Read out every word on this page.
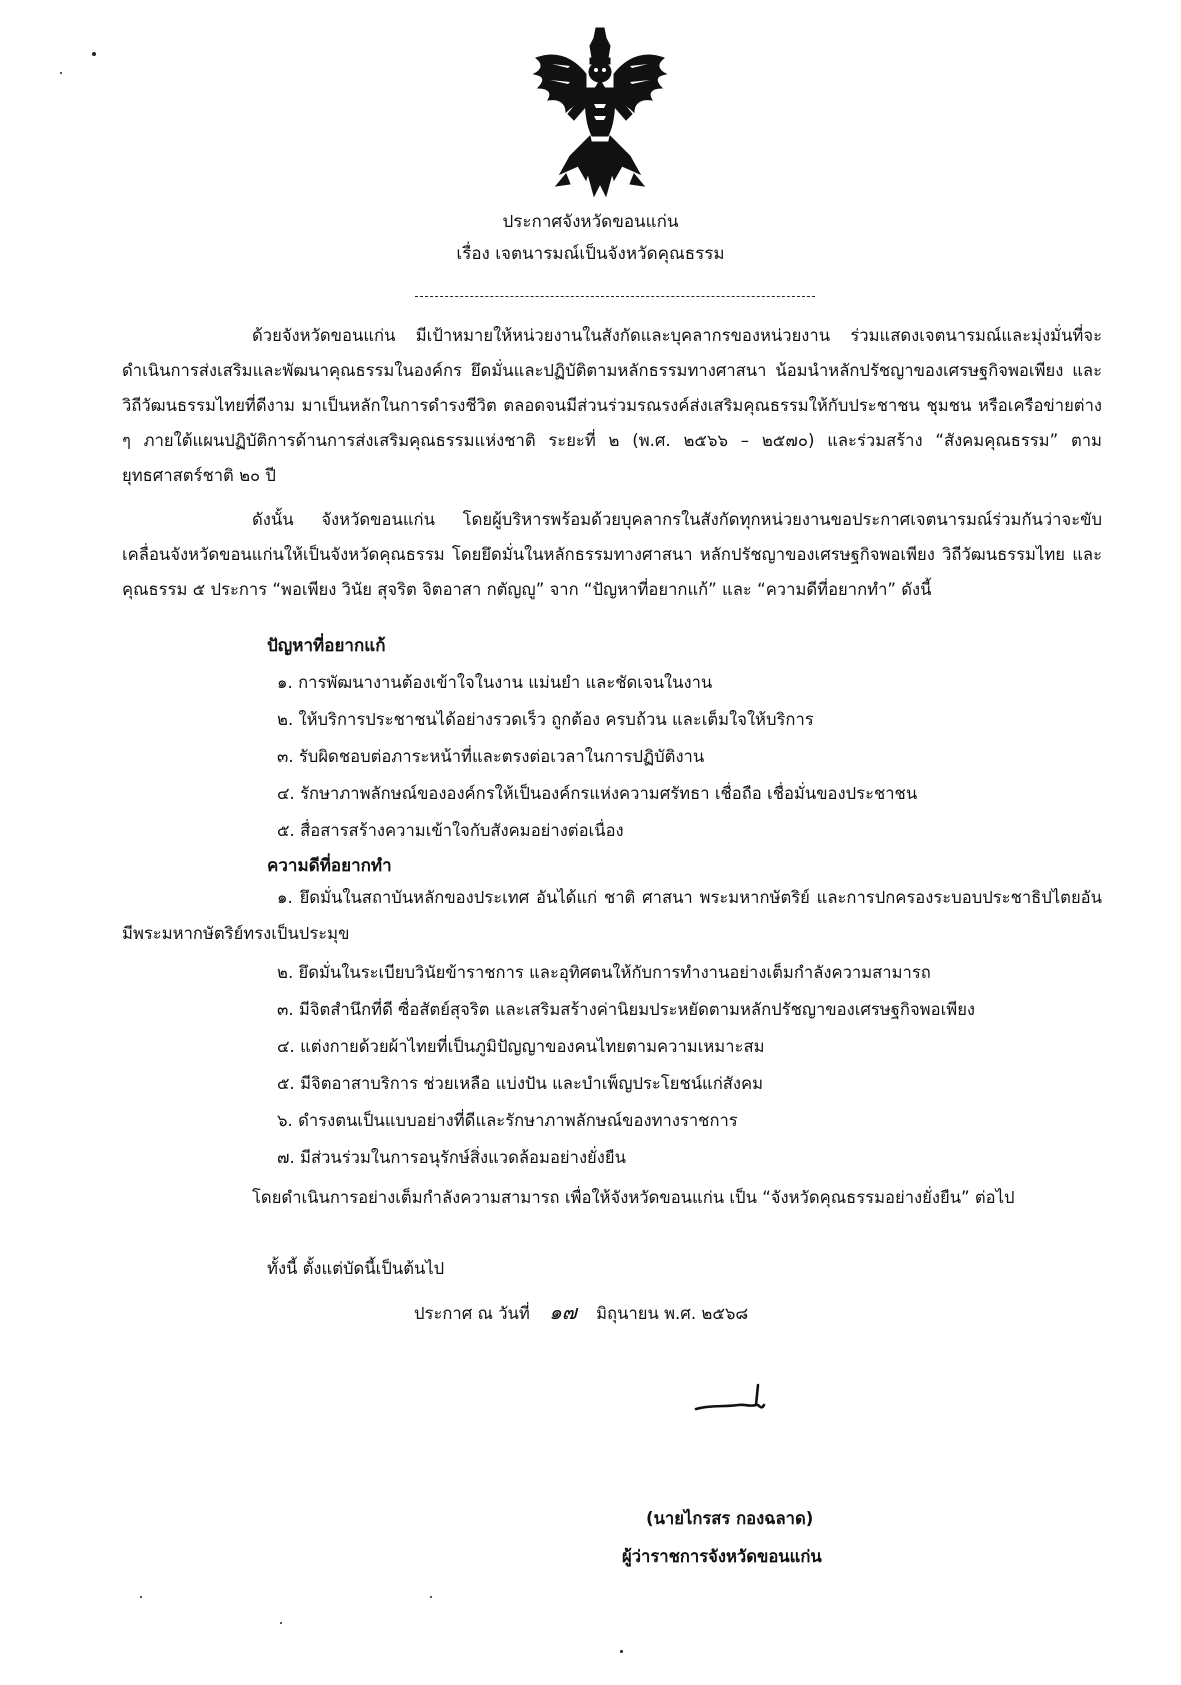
ประกาศจังหวัดขอนแก่น
เรื่อง เจตนารมณ์เป็นจังหวัดคุณธรรม
ด้วยจังหวัดขอนแก่น มีเป้าหมายให้หน่วยงานในสังกัดและบุคลากรของหน่วยงาน ร่วมแสดงเจตนารมณ์และมุ่งมั่นที่จะดำเนินการส่งเสริมและพัฒนาคุณธรรมในองค์กร ยึดมั่นและปฏิบัติตามหลักธรรมทางศาสนา น้อมนำหลักปรัชญาของเศรษฐกิจพอเพียง และวิถีวัฒนธรรมไทยที่ดีงาม มาเป็นหลักในการดำรงชีวิต ตลอดจนมีส่วนร่วมรณรงค์ส่งเสริมคุณธรรมให้กับประชาชน ชุมชน หรือเครือข่ายต่าง ๆ ภายใต้แผนปฏิบัติการด้านการส่งเสริมคุณธรรมแห่งชาติ ระยะที่ ๒ (พ.ศ. ๒๕๖๖ – ๒๕๗๐) และร่วมสร้าง “สังคมคุณธรรม” ตามยุทธศาสตร์ชาติ ๒๐ ปี
ดังนั้น จังหวัดขอนแก่น โดยผู้บริหารพร้อมด้วยบุคลากรในสังกัดทุกหน่วยงานขอประกาศเจตนารมณ์ร่วมกันว่าจะขับเคลื่อนจังหวัดขอนแก่นให้เป็นจังหวัดคุณธรรม โดยยึดมั่นในหลักธรรมทางศาสนา หลักปรัชญาของเศรษฐกิจพอเพียง วิถีวัฒนธรรมไทย และคุณธรรม ๕ ประการ “พอเพียง วินัย สุจริต จิตอาสา กตัญญู” จาก “ปัญหาที่อยากแก้” และ “ความดีที่อยากทำ” ดังนี้
ปัญหาที่อยากแก้
๑. การพัฒนางานต้องเข้าใจในงาน แม่นยำ และชัดเจนในงาน
๒. ให้บริการประชาชนได้อย่างรวดเร็ว ถูกต้อง ครบถ้วน และเต็มใจให้บริการ
๓. รับผิดชอบต่อภาระหน้าที่และตรงต่อเวลาในการปฏิบัติงาน
๔. รักษาภาพลักษณ์ขององค์กรให้เป็นองค์กรแห่งความศรัทธา เชื่อถือ เชื่อมั่นของประชาชน
๕. สื่อสารสร้างความเข้าใจกับสังคมอย่างต่อเนื่อง
ความดีที่อยากทำ
๑. ยึดมั่นในสถาบันหลักของประเทศ อันได้แก่ ชาติ ศาสนา พระมหากษัตริย์ และการปกครองระบอบประชาธิปไตยอันมีพระมหากษัตริย์ทรงเป็นประมุข
๒. ยึดมั่นในระเบียบวินัยข้าราชการ และอุทิศตนให้กับการทำงานอย่างเต็มกำลังความสามารถ
๓. มีจิตสำนึกที่ดี ซื่อสัตย์สุจริต และเสริมสร้างค่านิยมประหยัดตามหลักปรัชญาของเศรษฐกิจพอเพียง
๔. แต่งกายด้วยผ้าไทยที่เป็นภูมิปัญญาของคนไทยตามความเหมาะสม
๕. มีจิตอาสาบริการ ช่วยเหลือ แบ่งปัน และบำเพ็ญประโยชน์แก่สังคม
๖. ดำรงตนเป็นแบบอย่างที่ดีและรักษาภาพลักษณ์ของทางราชการ
๗. มีส่วนร่วมในการอนุรักษ์สิ่งแวดล้อมอย่างยั่งยืน
โดยดำเนินการอย่างเต็มกำลังความสามารถ เพื่อให้จังหวัดขอนแก่น เป็น “จังหวัดคุณธรรมอย่างยั่งยืน” ต่อไป
ทั้งนี้ ตั้งแต่บัดนี้เป็นต้นไป
ประกาศ ณ วันที่ ๑๗ มิถุนายน พ.ศ. ๒๕๖๘
(นายไกรสร กองฉลาด)
ผู้ว่าราชการจังหวัดขอนแก่น
